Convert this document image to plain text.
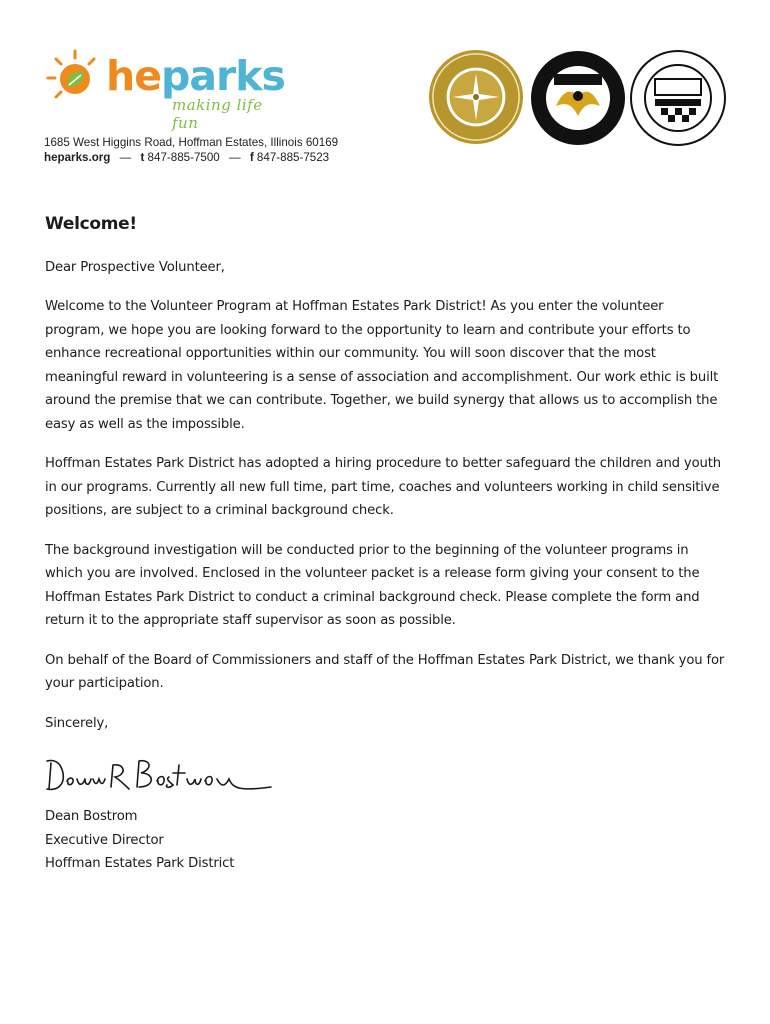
heparks
making life fun
1685 West Higgins Road, Hoffman Estates, Illinois 60169
heparks.org — t 847-885-7500 — f 847-885-7523
Welcome!

Dear Prospective Volunteer,

Welcome to the Volunteer Program at Hoffman Estates Park District! As you enter the volunteer program, we hope you are looking forward to the opportunity to learn and contribute your efforts to enhance recreational opportunities within our community. You will soon discover that the most meaningful reward in volunteering is a sense of association and accomplishment. Our work ethic is built around the premise that we can contribute. Together, we build synergy that allows us to accomplish the easy as well as the impossible.

Hoffman Estates Park District has adopted a hiring procedure to better safeguard the children and youth in our programs. Currently all new full time, part time, coaches and volunteers working in child sensitive positions, are subject to a criminal background check.

The background investigation will be conducted prior to the beginning of the volunteer programs in which you are involved. Enclosed in the volunteer packet is a release form giving your consent to the Hoffman Estates Park District to conduct a criminal background check. Please complete the form and return it to the appropriate staff supervisor as soon as possible.

On behalf of the Board of Commissioners and staff of the Hoffman Estates Park District, we thank you for your participation.

Sincerely,

Dean Bostrom

Executive Director

Hoffman Estates Park District
